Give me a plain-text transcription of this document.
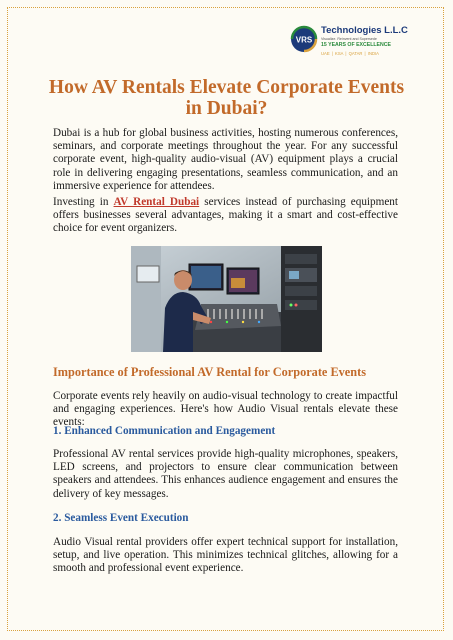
VRS
Technologies L.L.C
Visualize. Reinvent and Supersede
15 YEARS OF EXCELLENCE
UAE | KSA | QATAR | INDIA
How AV Rentals Elevate Corporate Events in Dubai?

Dubai is a hub for global business activities, hosting numerous conferences, seminars, and corporate meetings throughout the year. For any successful corporate event, high-quality audio-visual (AV) equipment plays a crucial role in delivering engaging presentations, seamless communication, and an immersive experience for attendees.

Investing in AV Rental Dubai services instead of purchasing equipment offers businesses several advantages, making it a smart and cost-effective choice for event organizers.

Importance of Professional AV Rental for Corporate Events

Corporate events rely heavily on audio-visual technology to create impactful and engaging experiences. Here's how Audio Visual rentals elevate these events:

1. Enhanced Communication and Engagement

Professional AV rental services provide high-quality microphones, speakers, LED screens, and projectors to ensure clear communication between speakers and attendees. This enhances audience engagement and ensures the delivery of key messages.

2. Seamless Event Execution

Audio Visual rental providers offer expert technical support for installation, setup, and live operation. This minimizes technical glitches, allowing for a smooth and professional event experience.
